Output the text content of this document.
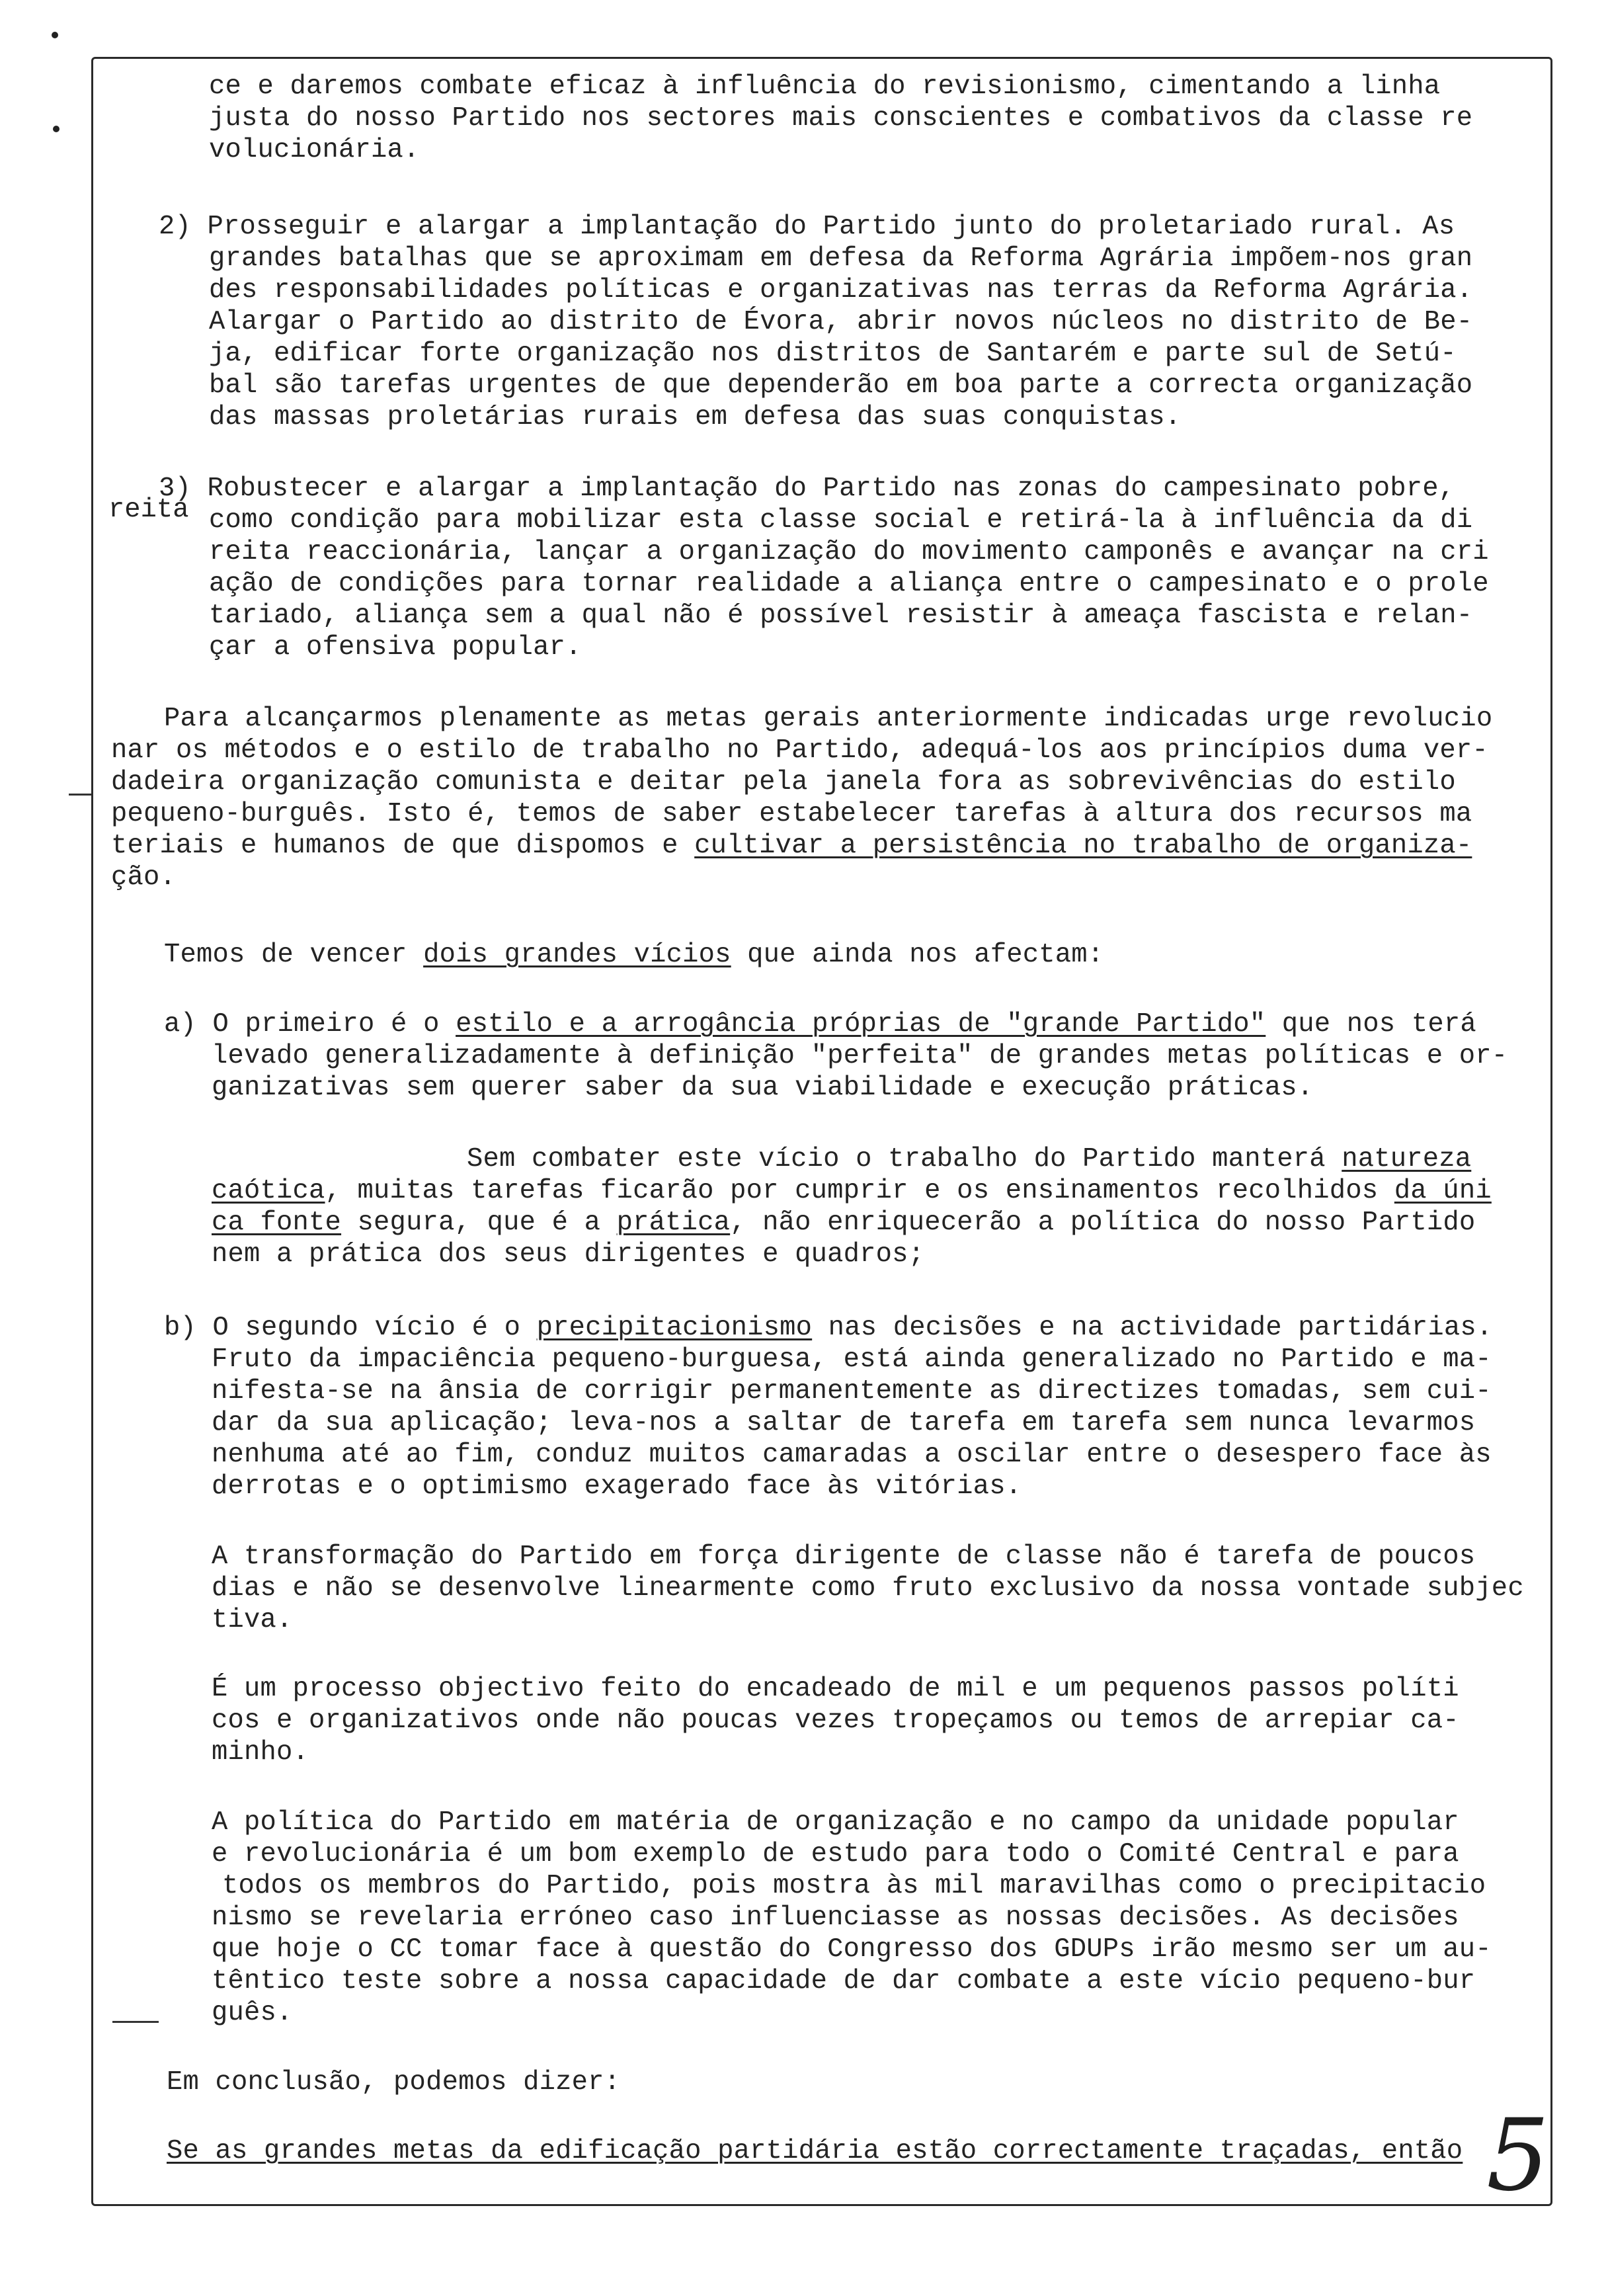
reita
ce e daremos combate eficaz à influência do revisionismo, cimentando a linha
justa do nosso Partido nos sectores mais conscientes e combativos da classe re
volucionária.
2) Prosseguir e alargar a implantação do Partido junto do proletariado rural. As
grandes batalhas que se aproximam em defesa da Reforma Agrária impõem-nos gran
des responsabilidades políticas e organizativas nas terras da Reforma Agrária.
Alargar o Partido ao distrito de Évora, abrir novos núcleos no distrito de Be-
ja, edificar forte organização nos distritos de Santarém e parte sul de Setú-
bal são tarefas urgentes de que dependerão em boa parte a correcta organização
das massas proletárias rurais em defesa das suas conquistas.
3) Robustecer e alargar a implantação do Partido nas zonas do campesinato pobre,
como condição para mobilizar esta classe social e retirá-la à influência da di
reita reaccionária, lançar a organização do movimento camponês e avançar na cri
ação de condições para tornar realidade a aliança entre o campesinato e o prole
tariado, aliança sem a qual não é possível resistir à ameaça fascista e relan-
çar a ofensiva popular.
Para alcançarmos plenamente as metas gerais anteriormente indicadas urge revolucio
nar os métodos e o estilo de trabalho no Partido, adequá-los aos princípios duma ver-
dadeira organização comunista e deitar pela janela fora as sobrevivências do estilo
pequeno-burguês. Isto é, temos de saber estabelecer tarefas à altura dos recursos ma
teriais e humanos de que dispomos e cultivar a persistência no trabalho de organiza-
ção.
Temos de vencer dois grandes vícios que ainda nos afectam:
a) O primeiro é o estilo e a arrogância próprias de "grande Partido" que nos terá
levado generalizadamente à definição "perfeita" de grandes metas políticas e or-
ganizativas sem querer saber da sua viabilidade e execução práticas.
Sem combater este vício o trabalho do Partido manterá natureza
caótica, muitas tarefas ficarão por cumprir e os ensinamentos recolhidos da úni
ca fonte segura, que é a prática, não enriquecerão a política do nosso Partido
nem a prática dos seus dirigentes e quadros;
b) O segundo vício é o precipitacionismo nas decisões e na actividade partidárias.
Fruto da impaciência pequeno-burguesa, está ainda generalizado no Partido e ma-
nifesta-se na ânsia de corrigir permanentemente as directizes tomadas, sem cui-
dar da sua aplicação; leva-nos a saltar de tarefa em tarefa sem nunca levarmos
nenhuma até ao fim, conduz muitos camaradas a oscilar entre o desespero face às
derrotas e o optimismo exagerado face às vitórias.
A transformação do Partido em força dirigente de classe não é tarefa de poucos
dias e não se desenvolve linearmente como fruto exclusivo da nossa vontade subjec
tiva.
É um processo objectivo feito do encadeado de mil e um pequenos passos políti
cos e organizativos onde não poucas vezes tropeçamos ou temos de arrepiar ca-
minho.
A política do Partido em matéria de organização e no campo da unidade popular
e revolucionária é um bom exemplo de estudo para todo o Comité Central e para
todos os membros do Partido, pois mostra às mil maravilhas como o precipitacio
nismo se revelaria erróneo caso influenciasse as nossas decisões. As decisões
que hoje o CC tomar face à questão do Congresso dos GDUPs irão mesmo ser um au-
têntico teste sobre a nossa capacidade de dar combate a este vício pequeno-bur
guês.
Em conclusão, podemos dizer:
Se as grandes metas da edificação partidária estão correctamente traçadas, então 5
